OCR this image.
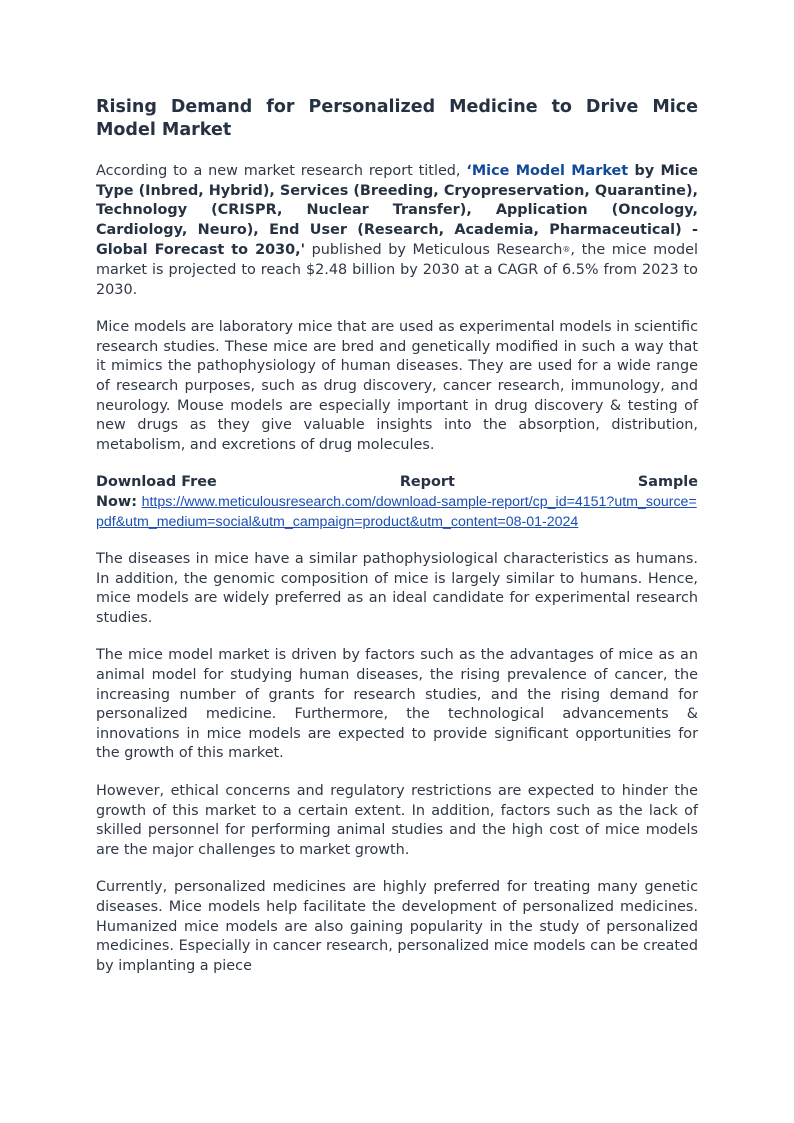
Rising Demand for Personalized Medicine to Drive Mice Model Market

According to a new market research report titled, ‘Mice Model Market by Mice Type (Inbred, Hybrid), Services (Breeding, Cryopreservation, Quarantine), Technology (CRISPR, Nuclear Transfer), Application (Oncology, Cardiology, Neuro), End User (Research, Academia, Pharmaceutical) - Global Forecast to 2030,' published by Meticulous Research®, the mice model market is projected to reach $2.48 billion by 2030 at a CAGR of 6.5% from 2023 to 2030.

Mice models are laboratory mice that are used as experimental models in scientific research studies. These mice are bred and genetically modified in such a way that it mimics the pathophysiology of human diseases. They are used for a wide range of research purposes, such as drug discovery, cancer research, immunology, and neurology. Mouse models are especially important in drug discovery & testing of new drugs as they give valuable insights into the absorption, distribution, metabolism, and excretions of drug molecules.

Download Free	Report	Sample
Now: https://www.meticulousresearch.com/download-sample-report/cp_id=4151?utm_source=pdf&utm_medium=social&utm_campaign=product&utm_content=08-01-2024

The diseases in mice have a similar pathophysiological characteristics as humans. In addition, the genomic composition of mice is largely similar to humans. Hence, mice models are widely preferred as an ideal candidate for experimental research studies.

The mice model market is driven by factors such as the advantages of mice as an animal model for studying human diseases, the rising prevalence of cancer, the increasing number of grants for research studies, and the rising demand for personalized medicine. Furthermore, the technological advancements & innovations in mice models are expected to provide significant opportunities for the growth of this market.

However, ethical concerns and regulatory restrictions are expected to hinder the growth of this market to a certain extent. In addition, factors such as the lack of skilled personnel for performing animal studies and the high cost of mice models are the major challenges to market growth.

Currently, personalized medicines are highly preferred for treating many genetic diseases. Mice models help facilitate the development of personalized medicines. Humanized mice models are also gaining popularity in the study of personalized medicines. Especially in cancer research, personalized mice models can be created by implanting a piece
